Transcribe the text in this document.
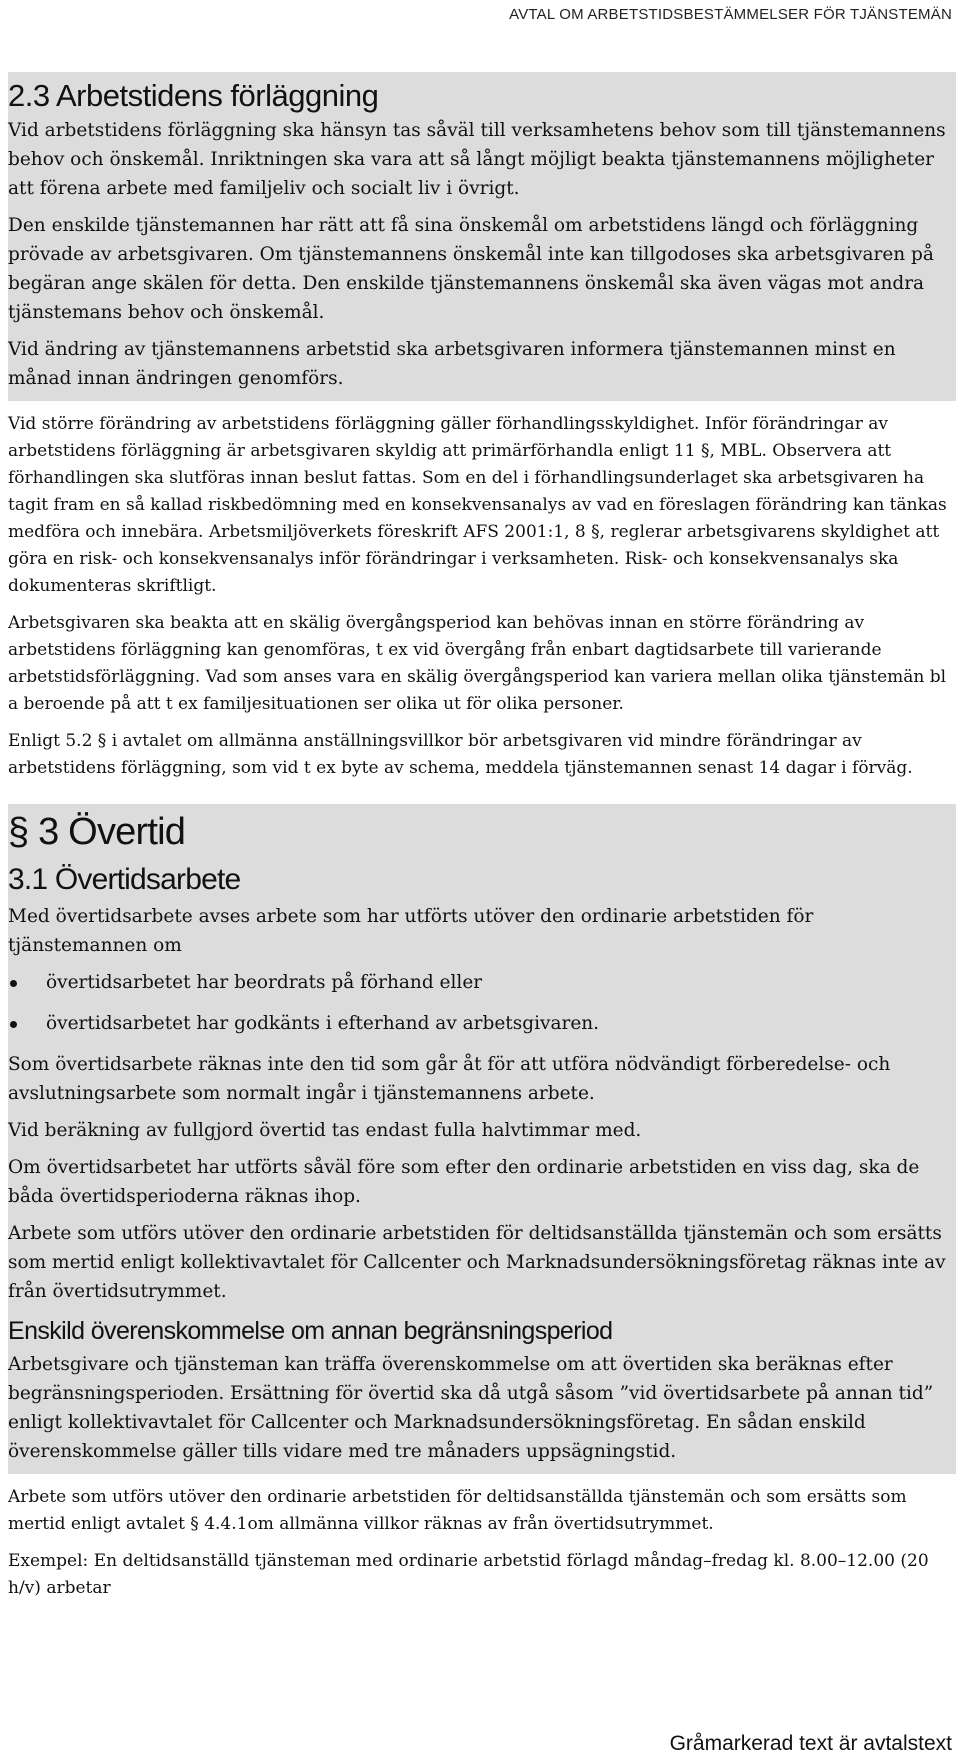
AVTAL OM ARBETSTIDSBESTÄMMELSER FÖR TJÄNSTEMÄN
2.3 Arbetstidens förläggning

Vid arbetstidens förläggning ska hänsyn tas såväl till verksamhetens behov som till tjänstemannens behov och önskemål. Inriktningen ska vara att så långt möjligt beakta tjänstemannens möjligheter att förena arbete med familjeliv och socialt liv i övrigt.

Den enskilde tjänstemannen har rätt att få sina önskemål om arbetstidens längd och förläggning prövade av arbetsgivaren. Om tjänstemannens önskemål inte kan tillgodoses ska arbetsgivaren på begäran ange skälen för detta. Den enskilde tjänstemannens önskemål ska även vägas mot andra tjänstemans behov och önskemål.

Vid ändring av tjänstemannens arbetstid ska arbetsgivaren informera tjänstemannen minst en månad innan ändringen genomförs.

Vid större förändring av arbetstidens förläggning gäller förhandlingsskyldighet. Inför förändringar av arbetstidens förläggning är arbetsgivaren skyldig att primärförhandla enligt 11 §, MBL. Observera att förhandlingen ska slutföras innan beslut fattas. Som en del i förhandlingsunderlaget ska arbetsgivaren ha tagit fram en så kallad riskbedömning med en konsekvensanalys av vad en föreslagen förändring kan tänkas medföra och innebära. Arbetsmiljöverkets föreskrift AFS 2001:1, 8 §, reglerar arbetsgivarens skyldighet att göra en risk- och konsekvensanalys inför förändringar i verksamheten. Risk- och konsekvensanalys ska dokumenteras skriftligt.

Arbetsgivaren ska beakta att en skälig övergångsperiod kan behövas innan en större förändring av arbetstidens förläggning kan genomföras, t ex vid övergång från enbart dagtidsarbete till varierande arbetstidsförläggning. Vad som anses vara en skälig övergångsperiod kan variera mellan olika tjänstemän bl a beroende på att t ex familjesituationen ser olika ut för olika personer.

Enligt 5.2 § i avtalet om allmänna anställningsvillkor bör arbetsgivaren vid mindre förändringar av arbetstidens förläggning, som vid t ex byte av schema, meddela tjänstemannen senast 14 dagar i förväg.

§ 3 Övertid
3.1 Övertidsarbete

Med övertidsarbete avses arbete som har utförts utöver den ordinarie arbetstiden för tjänstemannen om

övertidsarbetet har beordrats på förhand eller
övertidsarbetet har godkänts i efterhand av arbetsgivaren.

Som övertidsarbete räknas inte den tid som går åt för att utföra nödvändigt förberedelse- och avslutningsarbete som normalt ingår i tjänstemannens arbete.

Vid beräkning av fullgjord övertid tas endast fulla halvtimmar med.

Om övertidsarbetet har utförts såväl före som efter den ordinarie arbetstiden en viss dag, ska de båda övertidsperioderna räknas ihop.

Arbete som utförs utöver den ordinarie arbetstiden för deltidsanställda tjänstemän och som ersätts som mertid enligt kollektivavtalet för Callcenter och Marknadsundersökningsföretag räknas inte av från övertidsutrymmet.

Enskild överenskommelse om annan begränsningsperiod

Arbetsgivare och tjänsteman kan träffa överenskommelse om att övertiden ska beräknas efter begränsningsperioden. Ersättning för övertid ska då utgå såsom ”vid övertidsarbete på annan tid” enligt kollektivavtalet för Callcenter och Marknadsundersökningsföretag. En sådan enskild överenskommelse gäller tills vidare med tre månaders uppsägningstid.

Arbete som utförs utöver den ordinarie arbetstiden för deltidsanställda tjänstemän och som ersätts som mertid enligt avtalet § 4.4.1om allmänna villkor räknas av från övertidsutrymmet.

Exempel: En deltidsanställd tjänsteman med ordinarie arbetstid förlagd måndag–fredag kl. 8.00–12.00 (20 h/v) arbetar

Gråmarkerad text är avtalstext
